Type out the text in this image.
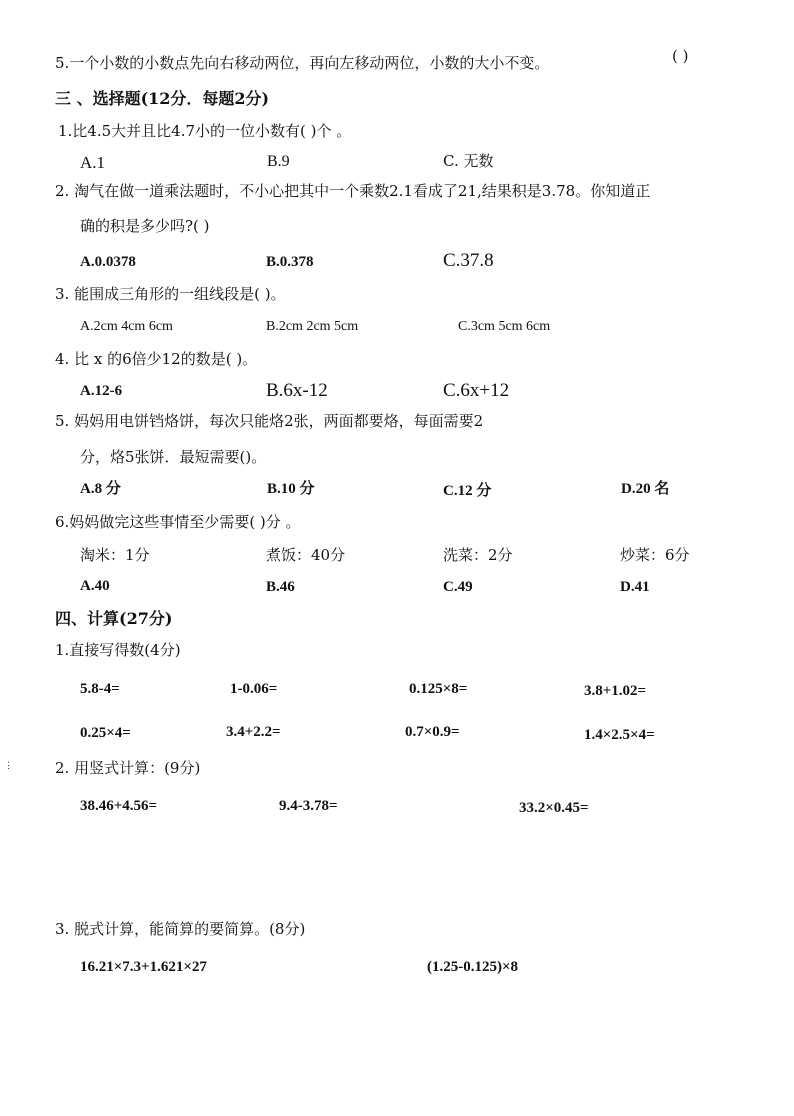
5.一个小数的小数点先向右移动两位，再向左移动两位，小数的大小不变。	( )
三 、选择题(12分．每题2分)
1.比4.5大并且比4.7小的一位小数有( )个 。
A.1	B.9	C. 无数
2. 淘气在做一道乘法题时，不小心把其中一个乘数2.1看成了21,结果积是3.78。你知道正
确的积是多少吗?( )
A.0.0378	B.0.378	C.37.8
3. 能围成三角形的一组线段是( )。
A.2cm 4cm 6cm	B.2cm 2cm 5cm	C.3cm 5cm 6cm
4. 比 x 的6倍少12的数是( )。
A.12-6	B.6x-12	C.6x+12
5. 妈妈用电饼铛烙饼，每次只能烙2张，两面都要烙，每面需要2
分，烙5张饼．最短需要()。
A.8 分	B.10 分	C.12 分	D.20 名
6.妈妈做完这些事情至少需要( )分 。
淘米：1分	煮饭：40分	洗菜：2分	炒菜：6分
A.40	B.46	C.49	D.41
四、计算(27分)
1.直接写得数(4分)
5.8-4=	1-0.06=	0.125×8=	3.8+1.02=
0.25×4=	3.4+2.2=	0.7×0.9=	1.4×2.5×4=
⋮	2. 用竖式计算：(9分)
38.46+4.56=	9.4-3.78=	33.2×0.45=
3. 脱式计算，能简算的要简算。(8分)
16.21×7.3+1.621×27	(1.25-0.125)×8
